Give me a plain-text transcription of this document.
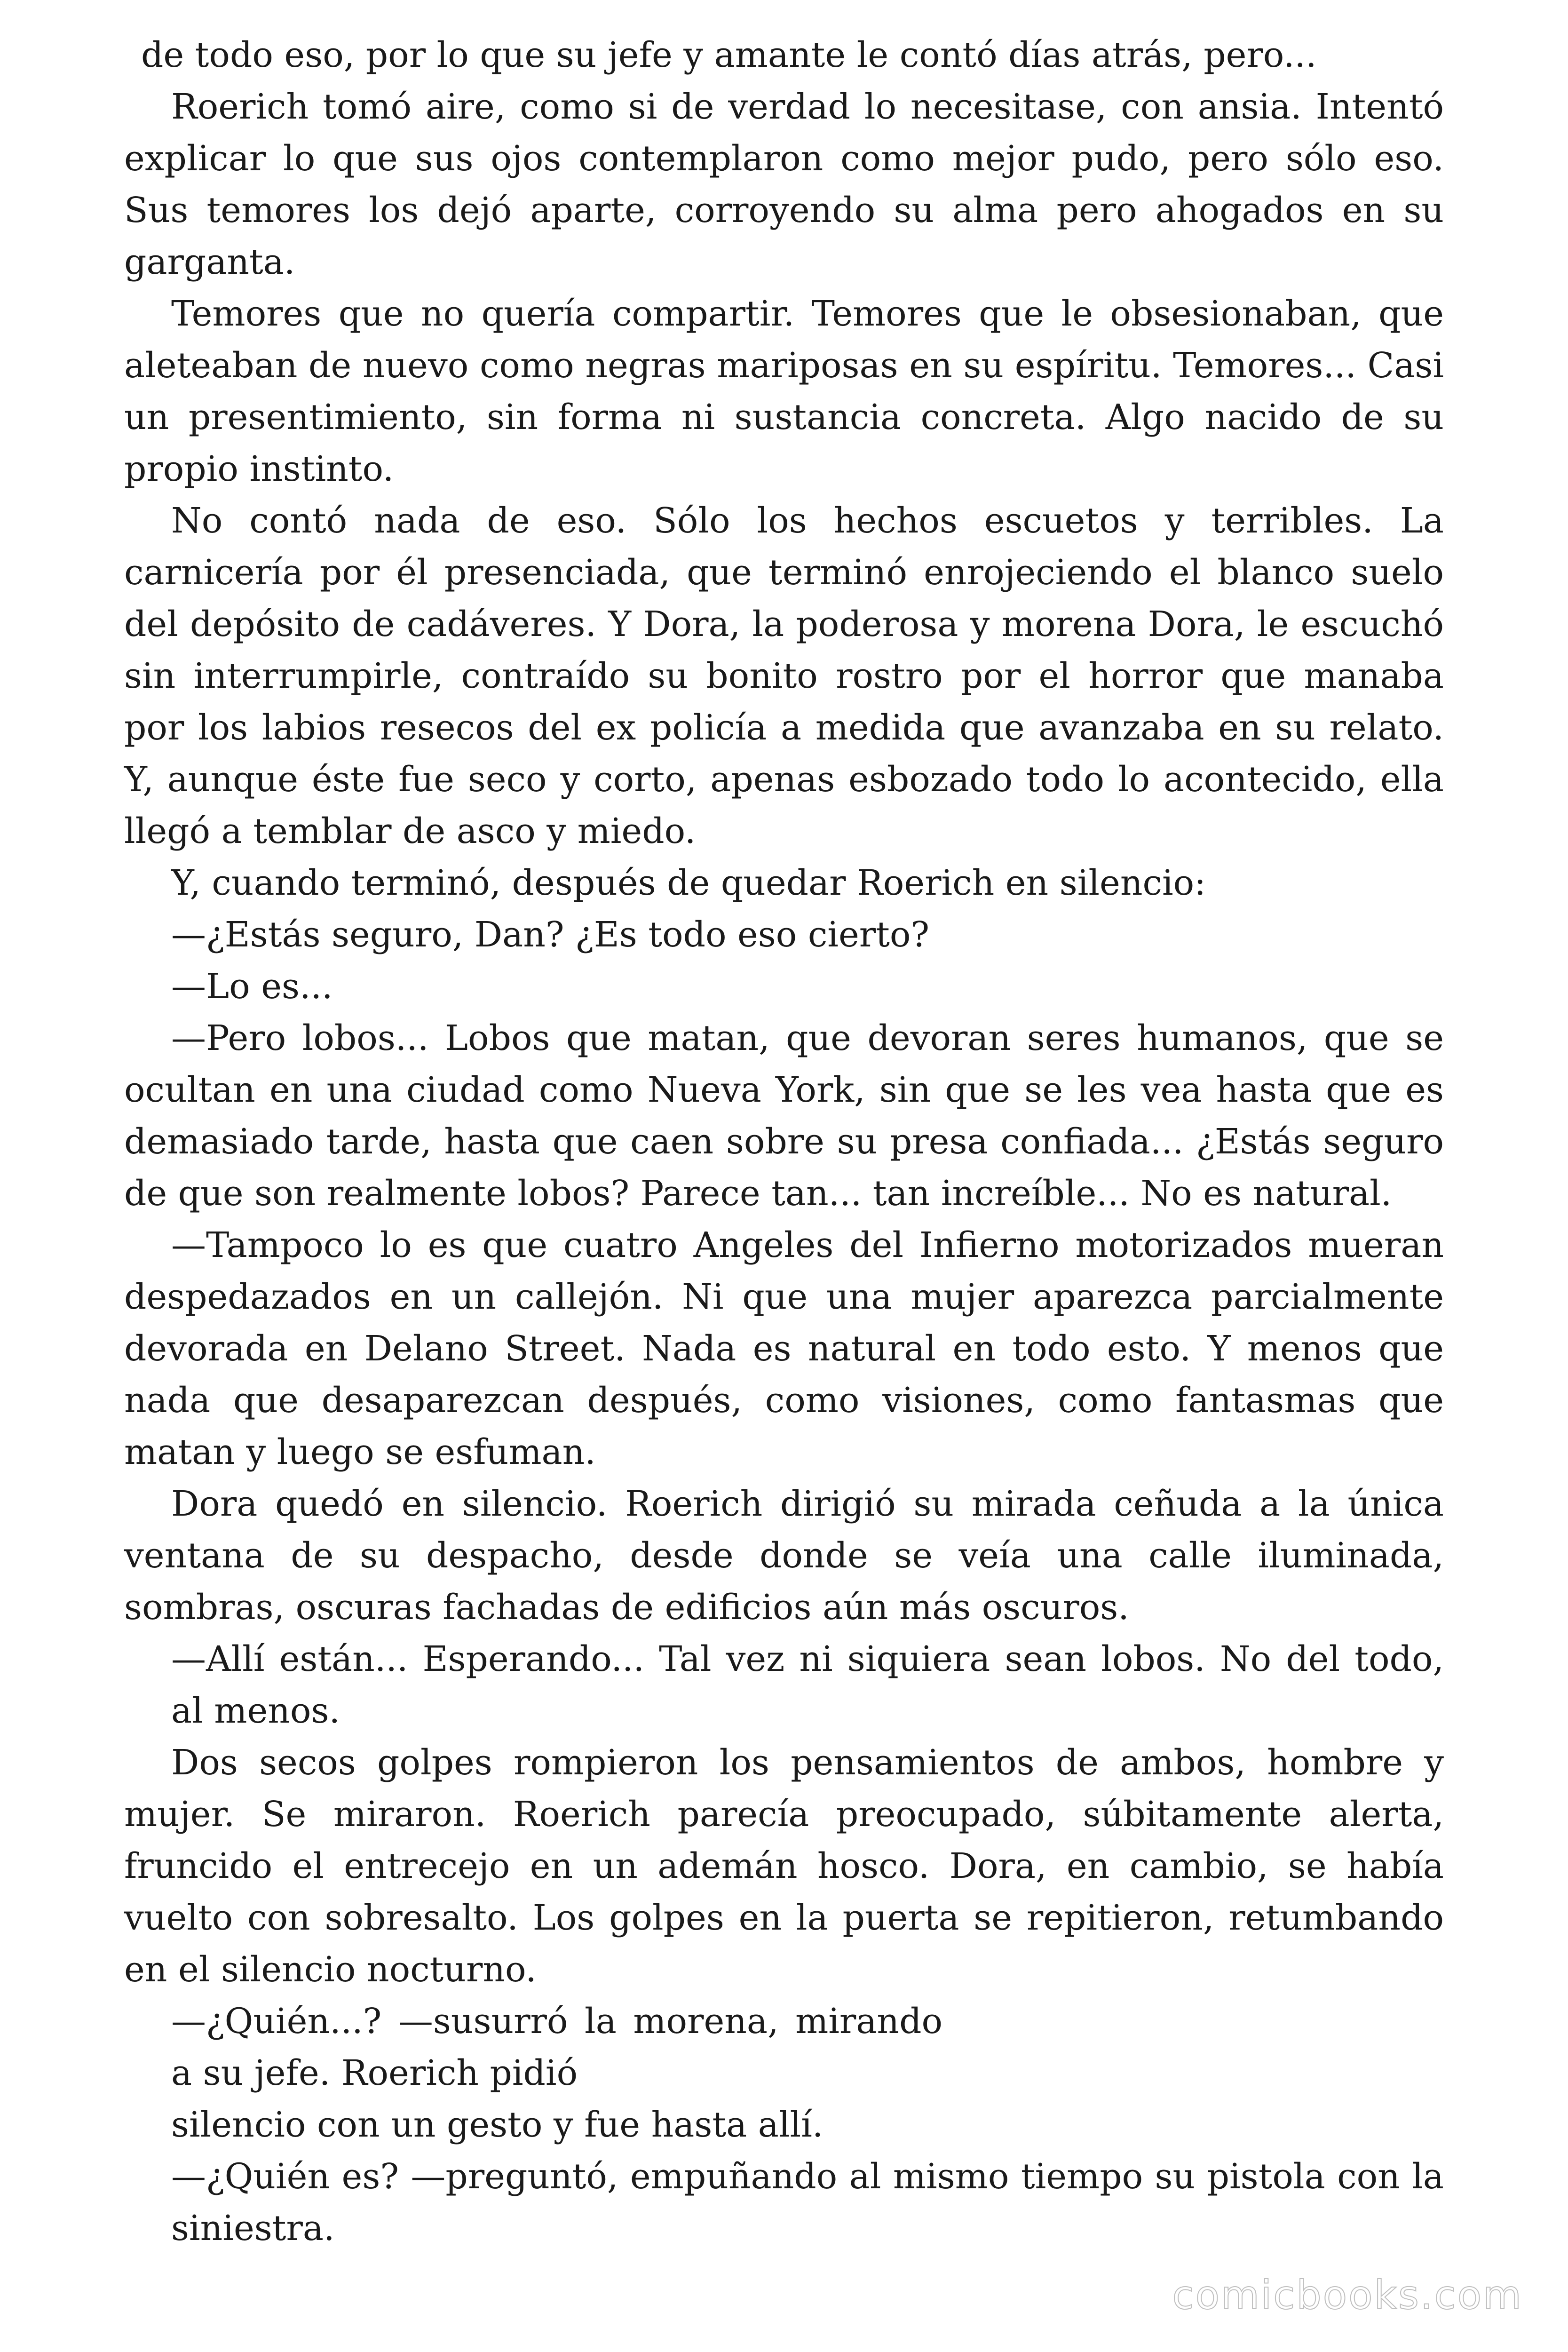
de todo eso, por lo que su jefe y amante le contó días atrás, pero...

Roerich tomó aire, como si de verdad lo necesitase, con ansia. Intentó explicar lo que sus ojos contemplaron como mejor pudo, pero sólo eso. Sus temores los dejó aparte, corroyendo su alma pero ahogados en su garganta.

Temores que no quería compartir. Temores que le obsesionaban, que aleteaban de nuevo como negras mariposas en su espíritu. Temores... Casi un presentimiento, sin forma ni sustancia concreta. Algo nacido de su propio instinto.

No contó nada de eso. Sólo los hechos escuetos y terribles. La carnicería por él presenciada, que terminó enrojeciendo el blanco suelo del depósito de cadáveres. Y Dora, la poderosa y morena Dora, le escuchó sin interrumpirle, contraído su bonito rostro por el horror que manaba por los labios resecos del ex policía a medida que avanzaba en su relato. Y, aunque éste fue seco y corto, apenas esbozado todo lo acontecido, ella llegó a temblar de asco y miedo.

Y, cuando terminó, después de quedar Roerich en silencio:

—¿Estás seguro, Dan? ¿Es todo eso cierto?

—Lo es...

—Pero lobos... Lobos que matan, que devoran seres humanos, que se ocultan en una ciudad como Nueva York, sin que se les vea hasta que es demasiado tarde, hasta que caen sobre su presa confiada... ¿Estás seguro de que son realmente lobos? Parece tan... tan increíble... No es natural.

—Tampoco lo es que cuatro Angeles del Infierno motorizados mueran despedazados en un callejón. Ni que una mujer aparezca parcialmente devorada en Delano Street. Nada es natural en todo esto. Y menos que nada que desaparezcan después, como visiones, como fantasmas que matan y luego se esfuman.

Dora quedó en silencio. Roerich dirigió su mirada ceñuda a la única ventana de su despacho, desde donde se veía una calle iluminada, sombras, oscuras fachadas de edificios aún más oscuros.

—Allí están... Esperando... Tal vez ni siquiera sean lobos. No del todo, al menos.

Dos secos golpes rompieron los pensamientos de ambos, hombre y mujer. Se miraron. Roerich parecía preocupado, súbitamente alerta, fruncido el entrecejo en un ademán hosco. Dora, en cambio, se había vuelto con sobresalto. Los golpes en la puerta se repitieron, retumbando en el silencio nocturno.

—¿Quién...? —susurró la morena, mirando a su jefe. Roerich pidió

silencio con un gesto y fue hasta allí.

—¿Quién es? —preguntó, empuñando al mismo tiempo su pistola con la siniestra.

comicbooks.com
